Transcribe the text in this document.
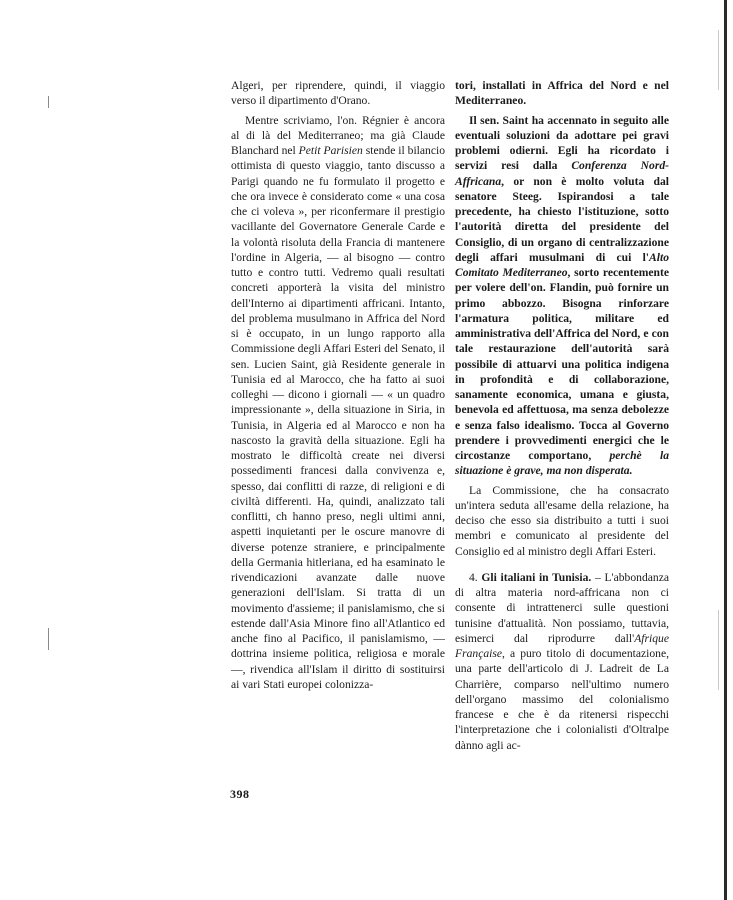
Algeri, per riprendere, quindi, il viaggio verso il dipartimento d'Orano.

Mentre scriviamo, l'on. Régnier è ancora al di là del Mediterraneo; ma già Claude Blanchard nel Petit Parisien stende il bilancio ottimista di questo viaggio, tanto discusso a Parigi quando ne fu formulato il progetto e che ora invece è considerato come « una cosa che ci voleva », per riconfermare il prestigio vacillante del Governatore Generale Carde e la volontà risoluta della Francia di mantenere l'ordine in Algeria, — al bisogno — contro tutto e contro tutti. Vedremo quali resultati concreti apporterà la visita del ministro dell'Interno ai dipartimenti affricani. Intanto, del problema musulmano in Affrica del Nord si è occupato, in un lungo rapporto alla Commissione degli Affari Esteri del Senato, il sen. Lucien Saint, già Residente generale in Tunisia ed al Marocco, che ha fatto ai suoi colleghi — dicono i giornali — « un quadro impressionante », della situazione in Siria, in Tunisia, in Algeria ed al Marocco e non ha nascosto la gravità della situazione. Egli ha mostrato le difficoltà create nei diversi possedimenti francesi dalla convivenza e, spesso, dai conflitti di razze, di religioni e di civiltà differenti. Ha, quindi, analizzato tali conflitti, ch hanno preso, negli ultimi anni, aspetti inquietanti per le oscure manovre di diverse potenze straniere, e principalmente della Germania hitleriana, ed ha esaminato le rivendicazioni avanzate dalle nuove generazioni dell'Islam. Si tratta di un movimento d'assieme; il panislamismo, che si estende dall'Asia Minore fino all'Atlantico ed anche fino al Pacifico, il panislamismo, — dottrina insieme politica, religiosa e morale —, rivendica all'Islam il diritto di sostituirsi ai vari Stati europei colonizza-

tori, installati in Affrica del Nord e nel Mediterraneo.

Il sen. Saint ha accennato in seguito alle eventuali soluzioni da adottare pei gravi problemi odierni. Egli ha ricordato i servizi resi dalla Conferenza Nord-Affricana, or non è molto voluta dal senatore Steeg. Ispirandosi a tale precedente, ha chiesto l'istituzione, sotto l'autorità diretta del presidente del Consiglio, di un organo di centralizzazione degli affari musulmani di cui l'Alto Comitato Mediterraneo, sorto recentemente per volere dell'on. Flandin, può fornire un primo abbozzo. Bisogna rinforzare l'armatura politica, militare ed amministrativa dell'Affrica del Nord, e con tale restaurazione dell'autorità sarà possibile di attuarvi una politica indigena in profondità e di collaborazione, sanamente economica, umana e giusta, benevola ed affettuosa, ma senza debolezze e senza falso idealismo. Tocca al Governo prendere i provvedimenti energici che le circostanze comportano, perchè la situazione è grave, ma non disperata.

La Commissione, che ha consacrato un'intera seduta all'esame della relazione, ha deciso che esso sia distribuito a tutti i suoi membri e comunicato al presidente del Consiglio ed al ministro degli Affari Esteri.

4. Gli italiani in Tunisia. – L'abbondanza di altra materia nord-affricana non ci consente di intrattenerci sulle questioni tunisine d'attualità. Non possiamo, tuttavia, esimerci dal riprodurre dall'Afrique Française, a puro titolo di documentazione, una parte dell'articolo di J. Ladreit de La Charrière, comparso nell'ultimo numero dell'organo massimo del colonialismo francese e che è da ritenersi rispecchi l'interpretazione che i colonialisti d'Oltralpe dànno agli ac-

398
